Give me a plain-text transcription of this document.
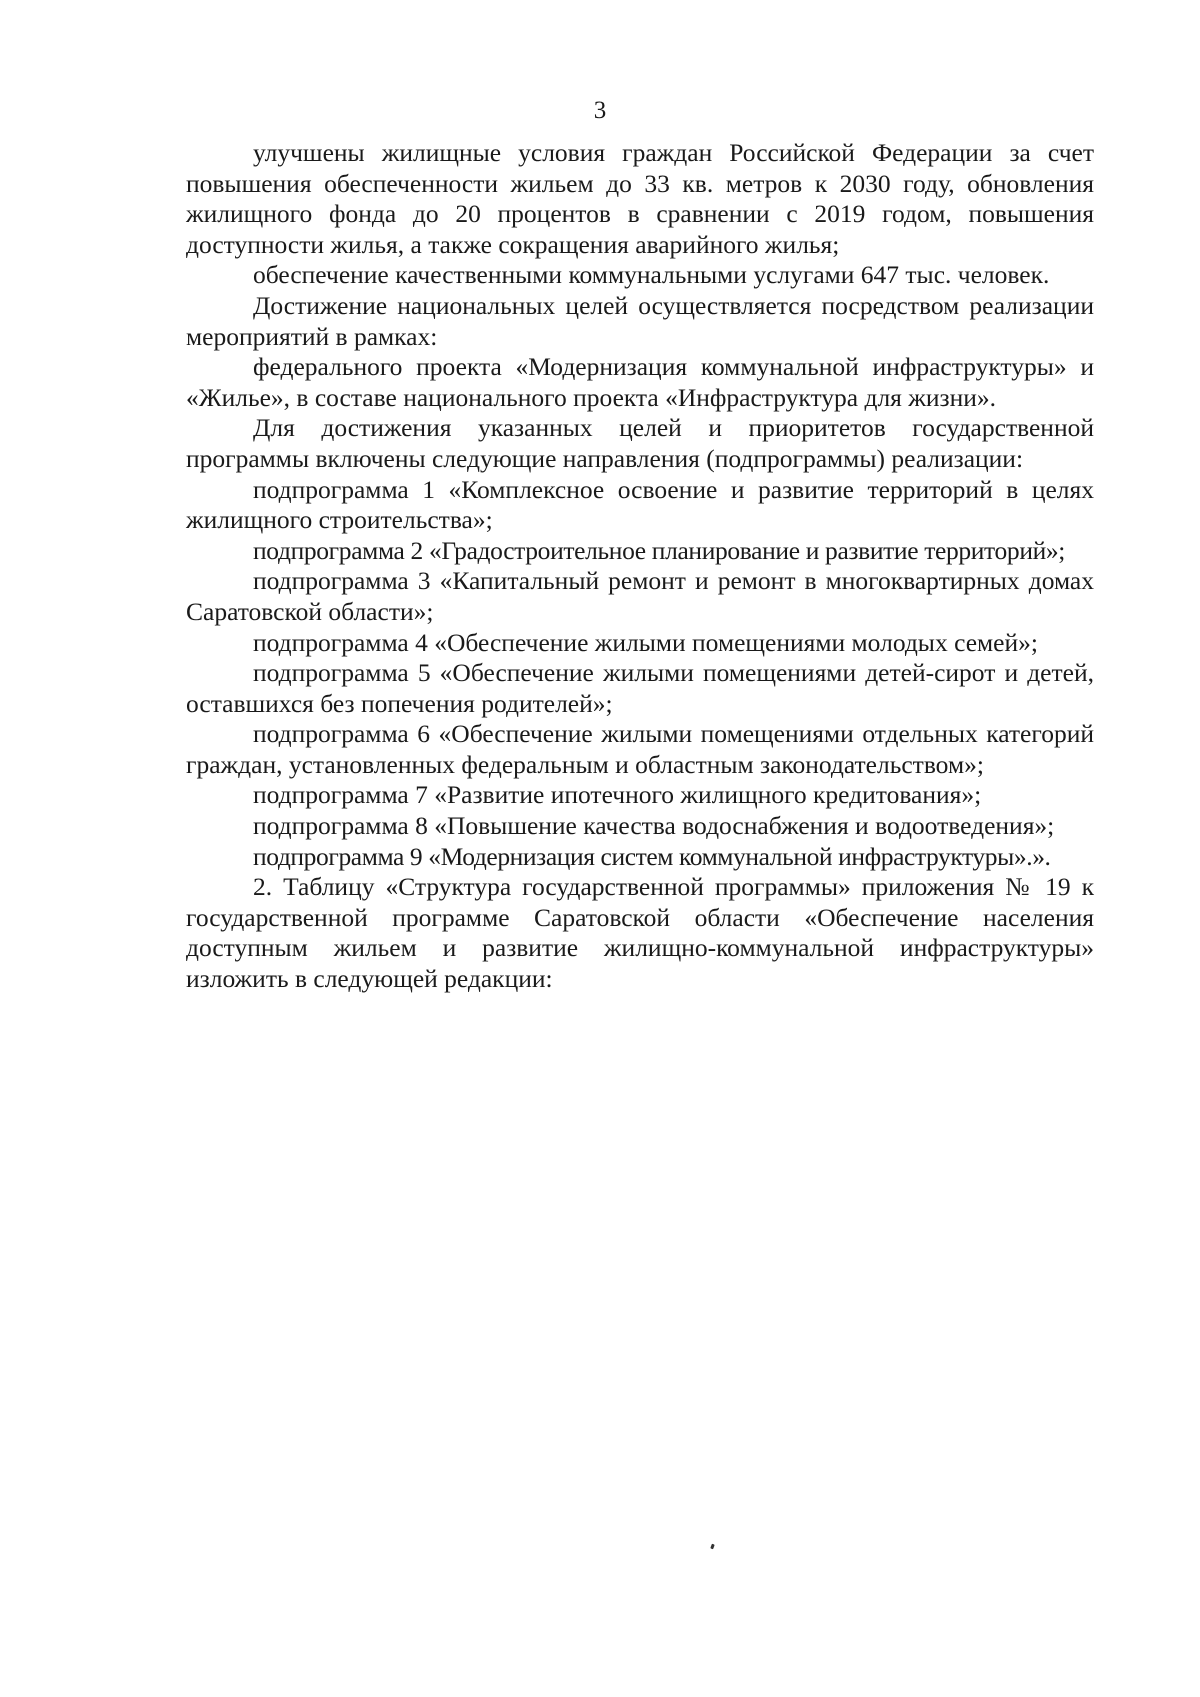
3

улучшены жилищные условия граждан Российской Федерации за счет повышения обеспеченности жильем до 33 кв. метров к 2030 году, обновления жилищного фонда до 20 процентов в сравнении с 2019 годом, повышения доступности жилья, а также сокращения аварийного жилья;

обеспечение качественными коммунальными услугами 647 тыс. человек.

Достижение национальных целей осуществляется посредством реализации мероприятий в рамках:

федерального проекта «Модернизация коммунальной инфраструктуры» и «Жилье», в составе национального проекта «Инфраструктура для жизни».

Для достижения указанных целей и приоритетов государственной программы включены следующие направления (подпрограммы) реализации:

подпрограмма 1 «Комплексное освоение и развитие территорий в целях жилищного строительства»;

подпрограмма 2 «Градостроительное планирование и развитие территорий»;

подпрограмма 3 «Капитальный ремонт и ремонт в многоквартирных домах Саратовской области»;

подпрограмма 4 «Обеспечение жилыми помещениями молодых семей»;

подпрограмма 5 «Обеспечение жилыми помещениями детей-сирот и детей, оставшихся без попечения родителей»;

подпрограмма 6 «Обеспечение жилыми помещениями отдельных категорий граждан, установленных федеральным и областным законодательством»;

подпрограмма 7 «Развитие ипотечного жилищного кредитования»;

подпрограмма 8 «Повышение качества водоснабжения и водоотведения»;

подпрограмма 9 «Модернизация систем коммунальной инфраструктуры».».

2. Таблицу «Структура государственной программы» приложения № 19 к государственной программе Саратовской области «Обеспечение населения доступным жильем и развитие жилищно-коммунальной инфраструктуры» изложить в следующей редакции:
